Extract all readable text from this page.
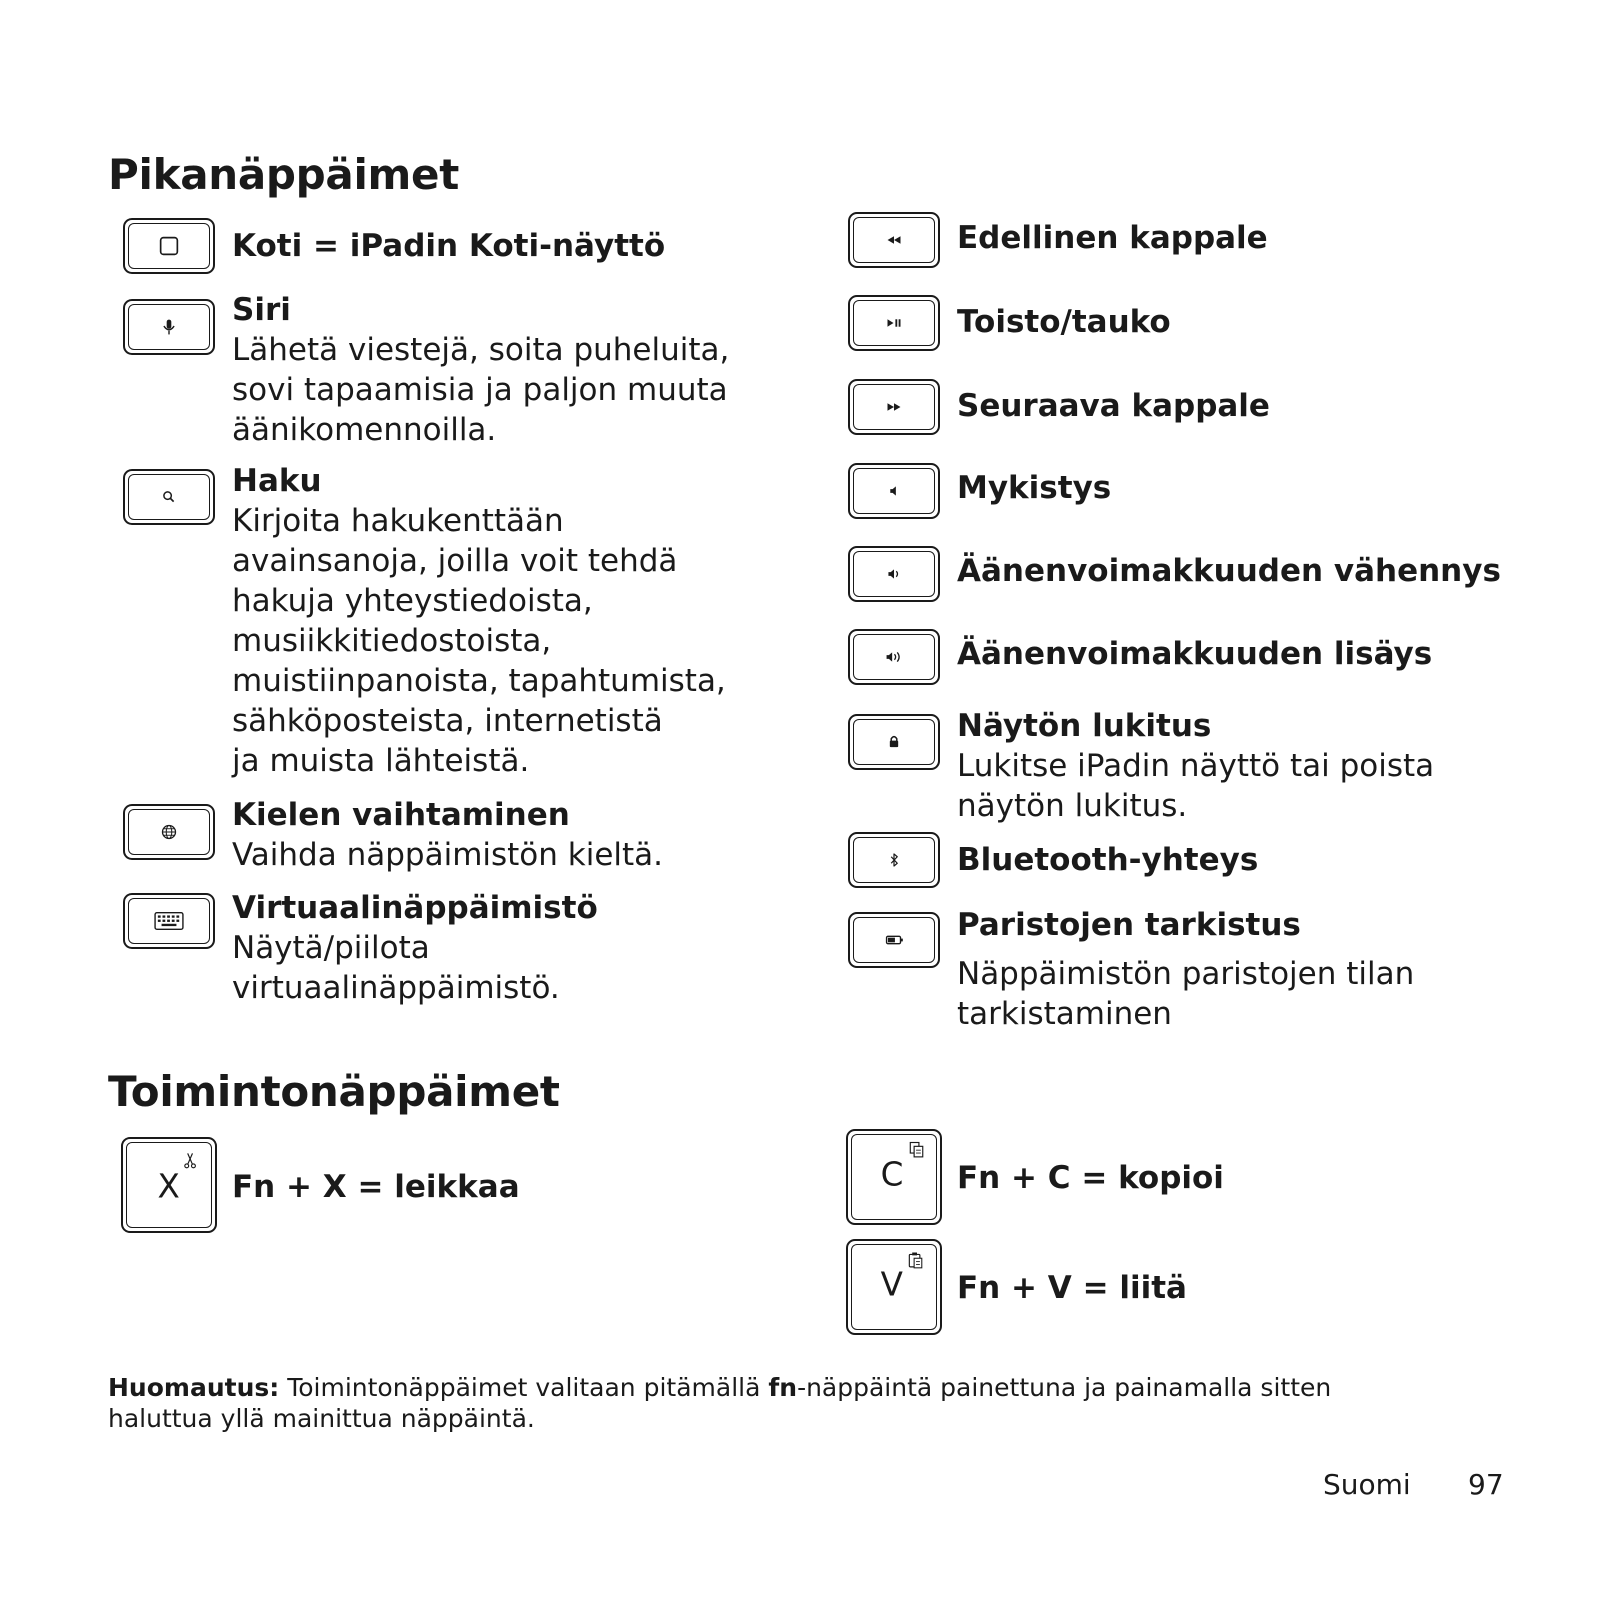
Pikanäppäimet
Koti = iPadin Koti-näyttö
Siri
Lähetä viestejä, soita puheluita,
sovi tapaamisia ja paljon muuta
äänikomennoilla.
Haku
Kirjoita hakukenttään
avainsanoja, joilla voit tehdä
hakuja yhteystiedoista,
musiikkitiedostoista,
muistiinpanoista, tapahtumista,
sähköposteista, internetistä
ja muista lähteistä.
Kielen vaihtaminen
Vaihda näppäimistön kieltä.
Virtuaalinäppäimistö
Näytä/piilota
virtuaalinäppäimistö.
Edellinen kappale
Toisto/tauko
Seuraava kappale
Mykistys
Äänenvoimakkuuden vähennys
Äänenvoimakkuuden lisäys
Näytön lukitus
Lukitse iPadin näyttö tai poista
näytön lukitus.
Bluetooth-yhteys
Paristojen tarkistus
Näppäimistön paristojen tilan
tarkistaminen
Toimintonäppäimet
X Fn + X = leikkaa	C Fn + C = kopioi
V Fn + V = liitä

Huomautus: Toimintonäppäimet valitaan pitämällä fn-näppäintä painettuna ja painamalla sitten
haluttua yllä mainittua näppäintä.

Suomi 97
